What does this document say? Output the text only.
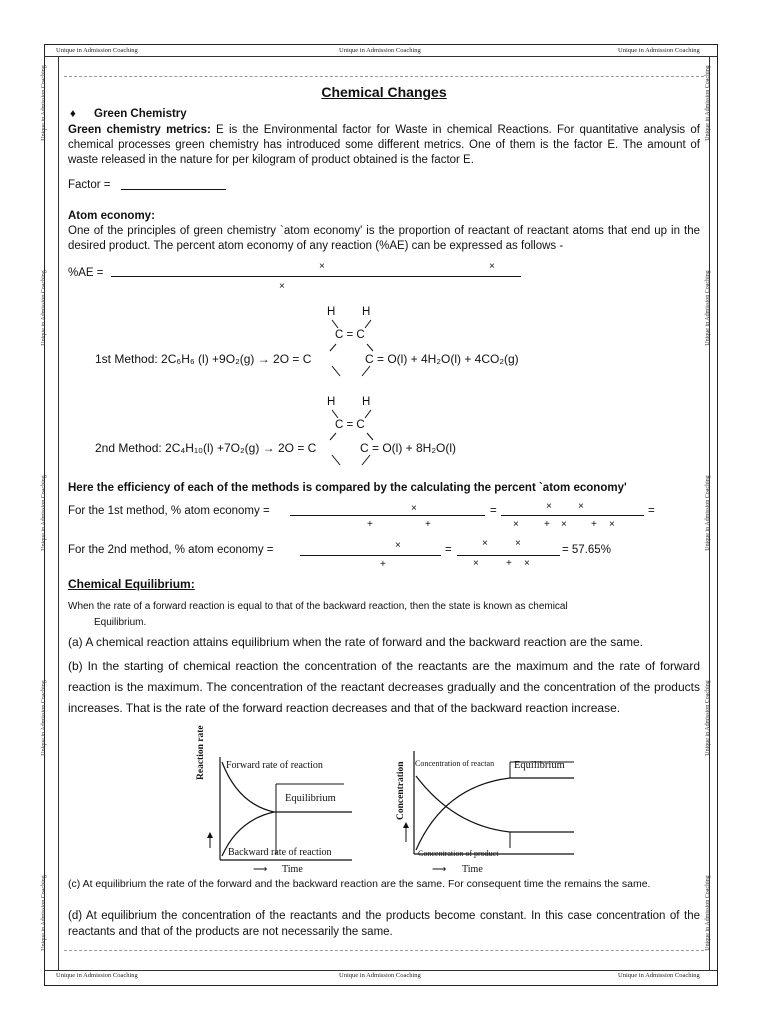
Unique in Admission Coaching	Unique in Admission Coaching	Unique in Admission Coaching
Unique in Admission Coaching	Unique in Admission Coaching	Unique in Admission Coaching
Unique in Admission Coaching
Unique in Admission Coaching
Unique in Admission Coaching
Unique in Admission Coaching
Unique in Admission Coaching
Unique in Admission Coaching
Unique in Admission Coaching
Unique in Admission Coaching
Unique in Admission Coaching
Unique in Admission Coaching
Chemical Changes
♦ Green Chemistry
Green chemistry metrics: E is the Environmental factor for Waste in chemical Reactions. For quantitative analysis of chemical processes green chemistry has introduced some different metrics. One of them is the factor E. The amount of waste released in the nature for per kilogram of product obtained is the factor E.
Factor =
Atom economy:
One of the principles of green chemistry `atom economy' is the proportion of reactant of reactant atoms that end up in the desired product. The percent atom economy of any reaction (%AE) can be expressed as follows -
%AE =
×	×
×
H H
C = C
1st Method: 2C₆H₆ (l) +9O₂(g) → 2O = C	C = O(l) + 4H₂O(l) + 4CO₂(g)
H H
C = C
2nd Method: 2C₄H₁₀(l) +7O₂(g) → 2O = C	C = O(l) + 8H₂O(l)
Here the efficiency of each of the methods is compared by the calculating the percent `atom economy'
For the 1st method, % atom economy =	×	=	×	×	=
+	+	×	+ × + ×
For the 2nd method, % atom economy =	×	=
×	×
= 57.65%
+	×	+ ×
Chemical Equilibrium:
When the rate of a forward reaction is equal to that of the backward reaction, then the state is known as chemical
Equilibrium.
(a) A chemical reaction attains equilibrium when the rate of forward and the backward reaction are the same.
(b) In the starting of chemical reaction the concentration of the reactants are the maximum and the rate of forward reaction is the maximum. The concentration of the reactant decreases gradually and the concentration of the products increases. That is the rate of the forward reaction decreases and that of the backward reaction increase.
Reaction rate	Forward rate of reaction
Equilibrium
Backward rate of reaction
⟶ Time
Concentration	Concentration of reactan Equilibrium
Concentration of product
⟶ Time
(c) At equilibrium the rate of the forward and the backward reaction are the same. For consequent time the remains the same.
(d) At equilibrium the concentration of the reactants and the products become constant. In this case concentration of the reactants and that of the products are not necessarily the same.
